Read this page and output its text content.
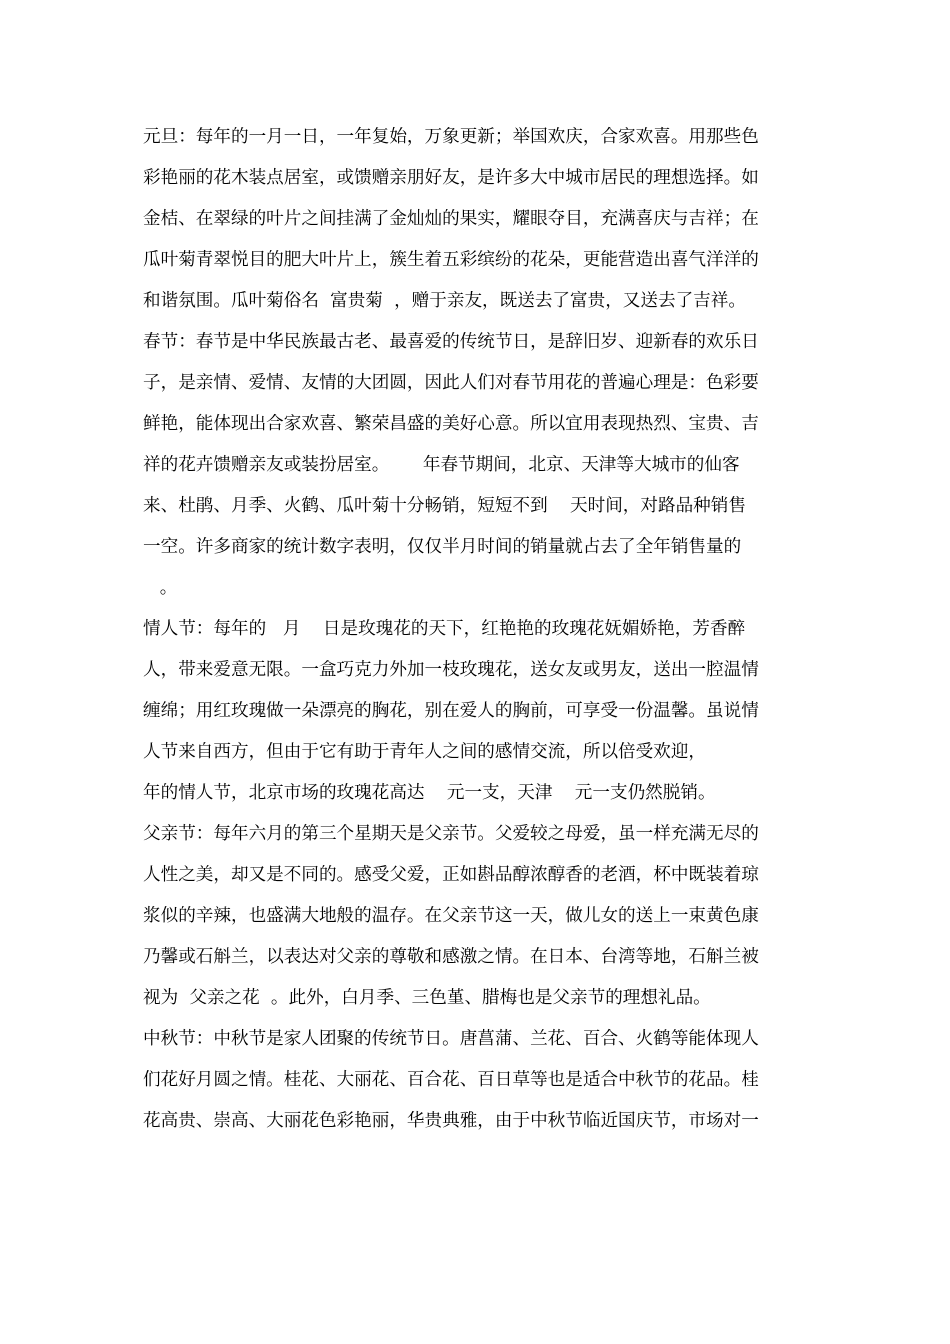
元旦：每年的一月一日，一年复始，万象更新；举国欢庆，合家欢喜。用那些色
彩艳丽的花木装点居室，或馈赠亲朋好友，是许多大中城市居民的理想选择。如
金桔、在翠绿的叶片之间挂满了金灿灿的果实，耀眼夺目，充满喜庆与吉祥；在
瓜叶菊青翠悦目的肥大叶片上，簇生着五彩缤纷的花朵，更能营造出喜气洋洋的
和谐氛围。瓜叶菊俗名  富贵菊  ，赠于亲友，既送去了富贵，又送去了吉祥。
春节：春节是中华民族最古老、最喜爱的传统节日，是辞旧岁、迎新春的欢乐日
子，是亲情、爱情、友情的大团圆，因此人们对春节用花的普遍心理是：色彩要
鲜艳，能体现出合家欢喜、繁荣昌盛的美好心意。所以宜用表现热烈、宝贵、吉
祥的花卉馈赠亲友或装扮居室。      年春节期间，北京、天津等大城市的仙客
来、杜鹃、月季、火鹤、瓜叶菊十分畅销，短短不到    天时间，对路品种销售
一空。许多商家的统计数字表明，仅仅半月时间的销量就占去了全年销售量的
。
情人节：每年的   月    日是玫瑰花的天下，红艳艳的玫瑰花妩媚娇艳，芳香醉
人，带来爱意无限。一盒巧克力外加一枝玫瑰花，送女友或男友，送出一腔温情
缠绵；用红玫瑰做一朵漂亮的胸花，别在爱人的胸前，可享受一份温馨。虽说情
人节来自西方，但由于它有助于青年人之间的感情交流，所以倍受欢迎，
年的情人节，北京市场的玫瑰花高达    元一支，天津    元一支仍然脱销。
父亲节：每年六月的第三个星期天是父亲节。父爱较之母爱，虽一样充满无尽的
人性之美，却又是不同的。感受父爱，正如斟品醇浓醇香的老酒，杯中既装着琼
浆似的辛辣，也盛满大地般的温存。在父亲节这一天，做儿女的送上一束黄色康
乃馨或石斛兰，以表达对父亲的尊敬和感激之情。在日本、台湾等地，石斛兰被
视为  父亲之花  。此外，白月季、三色堇、腊梅也是父亲节的理想礼品。
中秋节：中秋节是家人团聚的传统节日。唐菖蒲、兰花、百合、火鹤等能体现人
们花好月圆之情。桂花、大丽花、百合花、百日草等也是适合中秋节的花品。桂
花高贵、崇高、大丽花色彩艳丽，华贵典雅，由于中秋节临近国庆节，市场对一
